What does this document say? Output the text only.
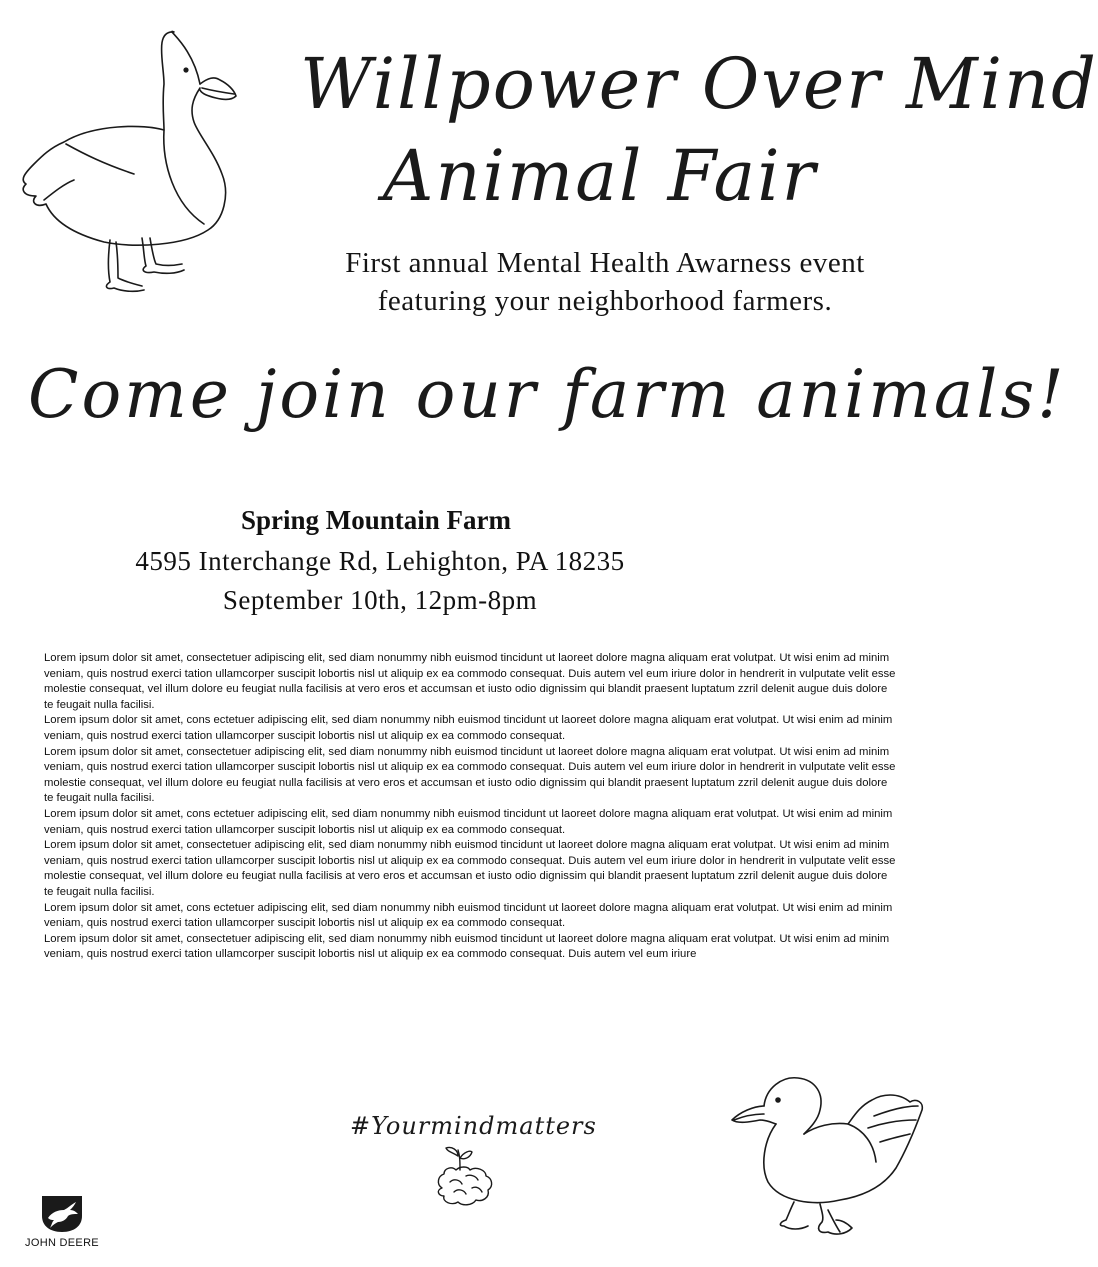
Willpower Over Mind
Animal Fair
First annual Mental Health Awarness event
featuring your neighborhood farmers.
Come join our farm animals!
Spring Mountain Farm
4595 Interchange Rd, Lehighton, PA 18235
September 10th, 12pm-8pm

Lorem ipsum dolor sit amet, consectetuer adipiscing elit, sed diam nonummy nibh euismod tincidunt ut laoreet dolore magna aliquam erat volutpat. Ut wisi enim ad minim veniam, quis nostrud exerci tation ullamcorper suscipit lobortis nisl ut aliquip ex ea commodo consequat. Duis autem vel eum iriure dolor in hendrerit in vulputate velit esse molestie consequat, vel illum dolore eu feugiat nulla facilisis at vero eros et accumsan et iusto odio dignissim qui blandit praesent luptatum zzril delenit augue duis dolore te feugait nulla facilisi.

Lorem ipsum dolor sit amet, cons ectetuer adipiscing elit, sed diam nonummy nibh euismod tincidunt ut laoreet dolore magna aliquam erat volutpat. Ut wisi enim ad minim veniam, quis nostrud exerci tation ullamcorper suscipit lobortis nisl ut aliquip ex ea commodo consequat.

Lorem ipsum dolor sit amet, consectetuer adipiscing elit, sed diam nonummy nibh euismod tincidunt ut laoreet dolore magna aliquam erat volutpat. Ut wisi enim ad minim veniam, quis nostrud exerci tation ullamcorper suscipit lobortis nisl ut aliquip ex ea commodo consequat. Duis autem vel eum iriure dolor in hendrerit in vulputate velit esse molestie consequat, vel illum dolore eu feugiat nulla facilisis at vero eros et accumsan et iusto odio dignissim qui blandit praesent luptatum zzril delenit augue duis dolore te feugait nulla facilisi.

Lorem ipsum dolor sit amet, cons ectetuer adipiscing elit, sed diam nonummy nibh euismod tincidunt ut laoreet dolore magna aliquam erat volutpat. Ut wisi enim ad minim veniam, quis nostrud exerci tation ullamcorper suscipit lobortis nisl ut aliquip ex ea commodo consequat.

Lorem ipsum dolor sit amet, consectetuer adipiscing elit, sed diam nonummy nibh euismod tincidunt ut laoreet dolore magna aliquam erat volutpat. Ut wisi enim ad minim veniam, quis nostrud exerci tation ullamcorper suscipit lobortis nisl ut aliquip ex ea commodo consequat. Duis autem vel eum iriure dolor in hendrerit in vulputate velit esse molestie consequat, vel illum dolore eu feugiat nulla facilisis at vero eros et accumsan et iusto odio dignissim qui blandit praesent luptatum zzril delenit augue duis dolore te feugait nulla facilisi.

Lorem ipsum dolor sit amet, cons ectetuer adipiscing elit, sed diam nonummy nibh euismod tincidunt ut laoreet dolore magna aliquam erat volutpat. Ut wisi enim ad minim veniam, quis nostrud exerci tation ullamcorper suscipit lobortis nisl ut aliquip ex ea commodo consequat.

Lorem ipsum dolor sit amet, consectetuer adipiscing elit, sed diam nonummy nibh euismod tincidunt ut laoreet dolore magna aliquam erat volutpat. Ut wisi enim ad minim veniam, quis nostrud exerci tation ullamcorper suscipit lobortis nisl ut aliquip ex ea commodo consequat. Duis autem vel eum iriure

#Yourmindmatters
JOHN DEERE
